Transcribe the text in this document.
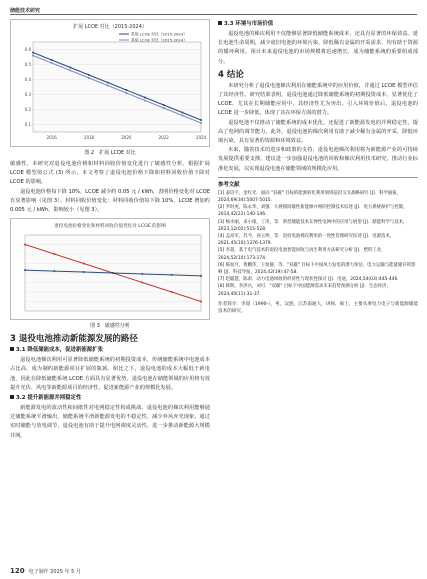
储能技术研究
扩展 LCOE 对比（2015-2024）
0.6
0.5
0.4
0.3
0.2
0.1
2016	2018	2020	2022	2024
系统 LCOE 对比（2015-2024）
系统 LCOE 对比（2015-2024）
图 2　扩展 LCOE 对比

敏感性，本研究对退役电池价格和材料回收价值变化进行了敏感性分析。根据扩展 LCOE 模型如公式 (3) 所示，本文考察了退役电池价格下降和材料回收价值下降对 LCOE 的影响。

退役电池价格每下降 10%，LCOE 减少约 0.05 元 / kWh，表明价格变化对 LCOE 有显著影响（见图 3）。材料回收价值变化：材料回收价值每下降 10%，LCOE 增加约 0.005 元 / kWh，影响较小（见图 3）。

退役电池价格变化和材料回收价值变化对 LCOE 的影响
图 3　敏感性分析
3 退役电池推动新能源发展的路径
3.1 降低储能成本，促进新能源扩张

退役电池梯次利用可显著降低储能系统的初期投资成本，传统储能系统中电池成本占比高，成为制约新能源项目扩展的瓶颈。相比之下，退役电池的成本大幅低于新电池，因此在降低储能系统 LCOE 方面具有显著优势。退役电池在储能领域的应用将有效提升光伏、风电等新能源项目的经济性，促进新能源产业的规模化发展。

3.2 提升新能源并网稳定性

新能源发电的波动性和间歇性对电网稳定性构成挑战。退役电池的梯次利用能够通过储能系统平滑输出，储能系统平滑新能源发电的不稳定性，减少弃风弃光现象。通过实时储能与放电调节，退役电池有助于提升电网调度灵活性，进一步推动新能源大规模并网。

3.3 环境与市场价值

退役电池的梯次利用不仅能够显著降低储能系统成本，还具有显著的环保效益。延长电池生命周期，减少废旧电池的环境污染、降低稀有金属的开采需求，均有助于资源的循环利用。预计未来退役电池的市场规模将迅速增长，成为储能系统的重要组成部分。

4 结论

本研究分析了退役电池梯次利用在储能系统中的应用价值，并通过 LCOE 模型评估了其经济性。研究结果表明，退役电池通过降低储能系统的初期投资成本，显著优化了 LCOE，尤其在长期储能应用中，其经济性尤为突出。引入环境价值后，退役电池的 LCOE 进一步降低，体现了其在环保方面的潜力。

退役电池不仅推动了储能系统的成本优化，还促进了新能源发电的并网稳定性，提高了电网的调节能力。此外，退役电池的梯次利用有助于减少稀有金属的开采，降低环境污染，具有显著的资源和环境效益。

未来，随着技术的进步和政策的支持，退役电池梯次利用将为新能源产业的可持续发展提供重要支撑。建议进一步加强退役电池的回收和梯次利用技术研究，推动行业标准化发展，以实现退役电池在储能领域的规模化应用。

参考文献

[1] 姜培宇，金红光．面向 "双碳" 目标的能源转化利用领域前沿交叉战略研究 [J]．科学通报，2024,69(34):5007-5015.

[2] 罗时虎，陈永华，刘强．大规模间歇性新能源并网的控制技术综述 [J]．电力系统保护与控制，2014,42(22):140-146.

[3] 杨水丽，来小康，丁涛，等．新型储能技术在弹性电网中的应用与展望 [J]．储能科学与技术，2023,12(02):515-528.

[4] 孟高军，苏今，孙玉坤，等．退役电池梯次利用的一致性管理研究综述 [J]．电源技术，2021,45(10):1376-1379.

[5] 李超，基于电气技术的退役电池智能回收与再生利用方法研究分析 [J]．塑料工业，2024,52(10):173-174.

[6] 陈如月，黄鹏伟，王恒静，等．"双碳" 目标下中国风力发电的潜力预估、电力运输与能量储存的影响 [J]．科技导报，2024,42(19):47-58.

[7] 赵聪慧，陈肃．动力电池回收的经济性与现状性探讨 [J]．电池，2024,54(03):445-446.

[8] 韩辉，李洪兵，刘可．"双碳" 目标下中国能源需求未来趋势预测分析 [J]．生态经济，2024,40(11):31-37.

作者简介：李超（1990-），男，汉族，江苏南通人，讲师，硕士，主要从事电力电子与新能源储能技术的研究。
120 电子制作 2025 年 5 月
